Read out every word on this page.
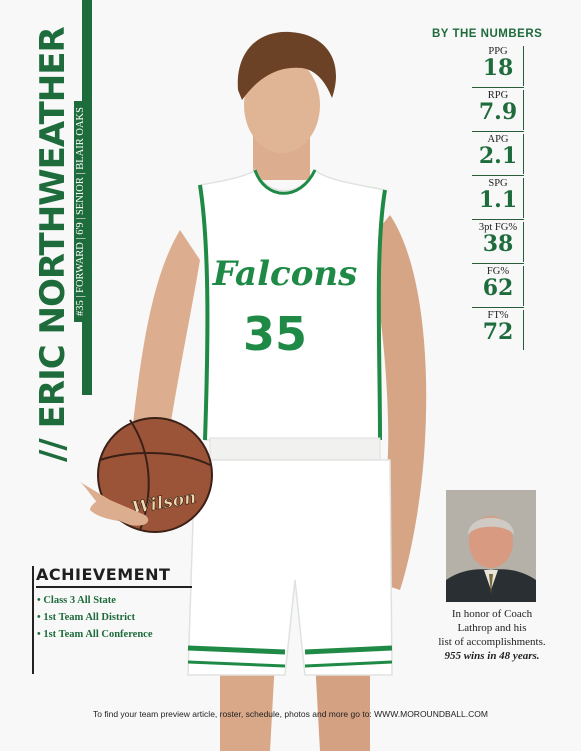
// ERIC NORTHWEATHER #35 | FORWARD | 6'9 | SENIOR | BLAIR OAKS	Falcons
35
Wilson
BY THE NUMBERS
PPG
18
RPG
7.9
APG
2.1
SPG
1.1
3pt FG%
38
FG%
62
FT%
72
ACHIEVEMENT
• Class 3 All State
• 1st Team All District
• 1st Team All Conference
In honor of Coach
Lathrop and his
list of accomplishments.
955 wins in 48 years.
To find your team preview article, roster, schedule, photos and more go to: WWW.MOROUNDBALL.COM
